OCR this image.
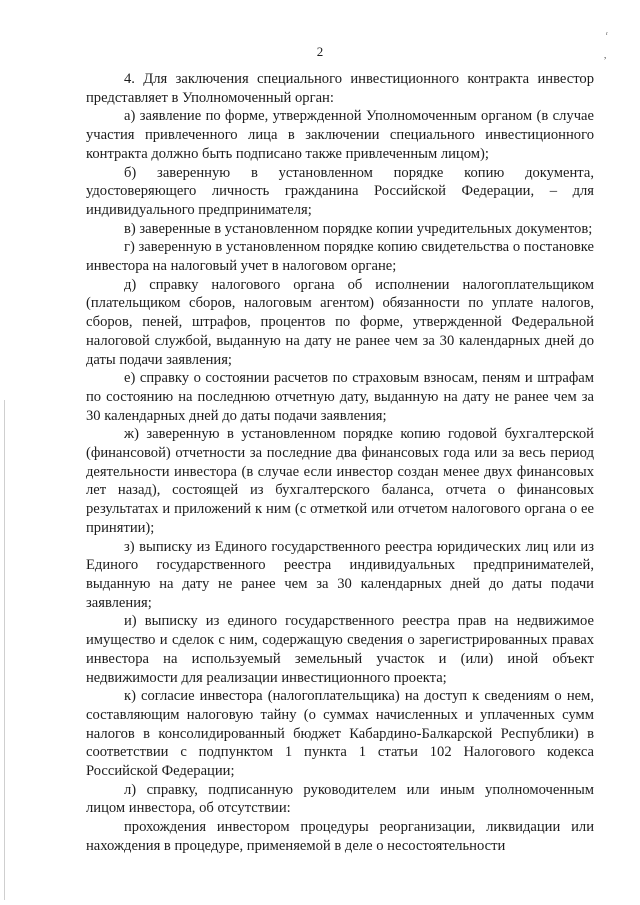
2
ᵣ
,

4. Для заключения специального инвестиционного контракта инвестор представляет в Уполномоченный орган:

а) заявление по форме, утвержденной Уполномоченным органом (в случае участия привлеченного лица в заключении специального инвестиционного контракта должно быть подписано также привлеченным лицом);

б) заверенную в установленном порядке копию документа, удостоверяющего личность гражданина Российской Федерации, – для индивидуального предпринимателя;

в) заверенные в установленном порядке копии учредительных документов;

г) заверенную в установленном порядке копию свидетельства о постановке инвестора на налоговый учет в налоговом органе;

д) справку налогового органа об исполнении налогоплательщиком (плательщиком сборов, налоговым агентом) обязанности по уплате налогов, сборов, пеней, штрафов, процентов по форме, утвержденной Федеральной налоговой службой, выданную на дату не ранее чем за 30 календарных дней до даты подачи заявления;

е) справку о состоянии расчетов по страховым взносам, пеням и штрафам по состоянию на последнюю отчетную дату, выданную на дату не ранее чем за 30 календарных дней до даты подачи заявления;

ж) заверенную в установленном порядке копию годовой бухгалтерской (финансовой) отчетности за последние два финансовых года или за весь период деятельности инвестора (в случае если инвестор создан менее двух финансовых лет назад), состоящей из бухгалтерского баланса, отчета о финансовых результатах и приложений к ним (с отметкой или отчетом налогового органа о ее принятии);

з) выписку из Единого государственного реестра юридических лиц или из Единого государственного реестра индивидуальных предпринимателей, выданную на дату не ранее чем за 30 календарных дней до даты подачи заявления;

и) выписку из единого государственного реестра прав на недвижимое имущество и сделок с ним, содержащую сведения о зарегистрированных правах инвестора на используемый земельный участок и (или) иной объект недвижимости для реализации инвестиционного проекта;

к) согласие инвестора (налогоплательщика) на доступ к сведениям о нем, составляющим налоговую тайну (о суммах начисленных и уплаченных сумм налогов в консолидированный бюджет Кабардино-Балкарской Республики) в соответствии с подпунктом 1 пункта 1 статьи 102 Налогового кодекса Российской Федерации;

л) справку, подписанную руководителем или иным уполномоченным лицом инвестора, об отсутствии:

прохождения инвестором процедуры реорганизации, ликвидации или нахождения в процедуре, применяемой в деле о несостоятельности
